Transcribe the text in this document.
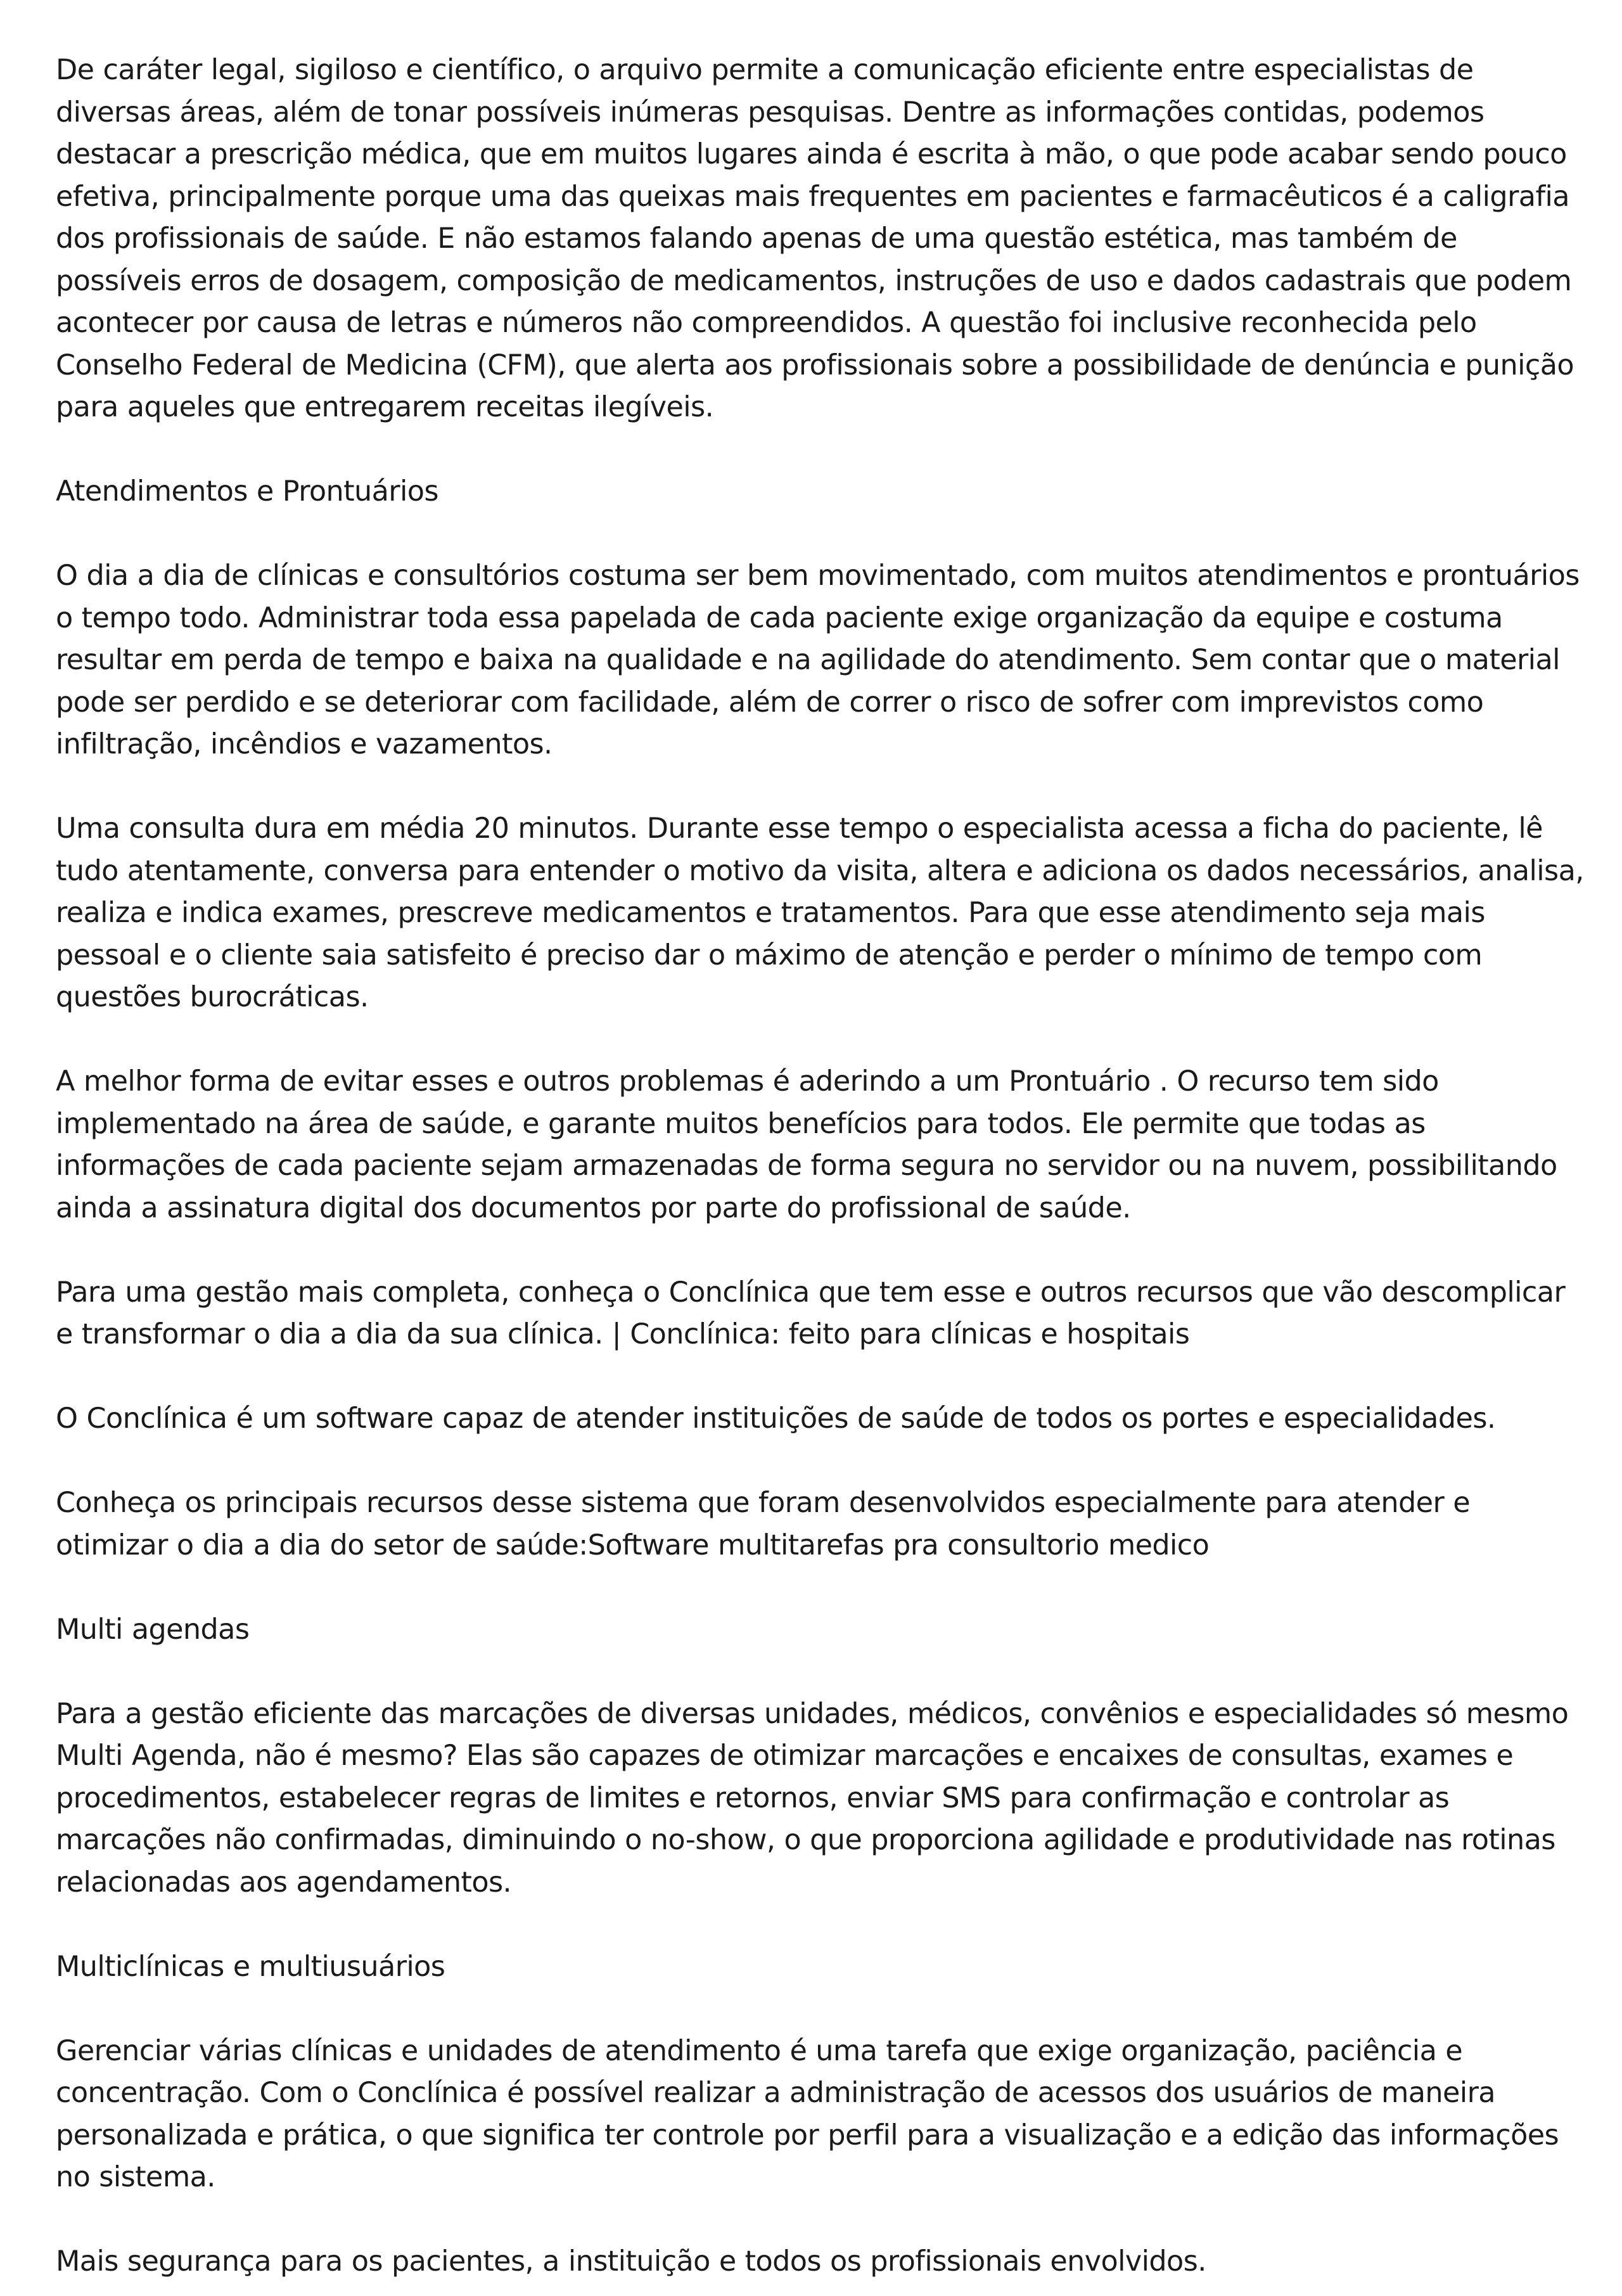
De caráter legal, sigiloso e científico, o arquivo permite a comunicação eficiente entre especialistas de diversas áreas, além de tonar possíveis inúmeras pesquisas. Dentre as informações contidas, podemos destacar a prescrição médica, que em muitos lugares ainda é escrita à mão, o que pode acabar sendo pouco efetiva, principalmente porque uma das queixas mais frequentes em pacientes e farmacêuticos é a caligrafia dos profissionais de saúde. E não estamos falando apenas de uma questão estética, mas também de possíveis erros de dosagem, composição de medicamentos, instruções de uso e dados cadastrais que podem acontecer por causa de letras e números não compreendidos. A questão foi inclusive reconhecida pelo Conselho Federal de Medicina (CFM), que alerta aos profissionais sobre a possibilidade de denúncia e punição para aqueles que entregarem receitas ilegíveis.

Atendimentos e Prontuários

O dia a dia de clínicas e consultórios costuma ser bem movimentado, com muitos atendimentos e prontuários o tempo todo. Administrar toda essa papelada de cada paciente exige organização da equipe e costuma resultar em perda de tempo e baixa na qualidade e na agilidade do atendimento. Sem contar que o material pode ser perdido e se deteriorar com facilidade, além de correr o risco de sofrer com imprevistos como infiltração, incêndios e vazamentos.

Uma consulta dura em média 20 minutos. Durante esse tempo o especialista acessa a ficha do paciente, lê tudo atentamente, conversa para entender o motivo da visita, altera e adiciona os dados necessários, analisa, realiza e indica exames, prescreve medicamentos e tratamentos. Para que esse atendimento seja mais pessoal e o cliente saia satisfeito é preciso dar o máximo de atenção e perder o mínimo de tempo com questões burocráticas.

A melhor forma de evitar esses e outros problemas é aderindo a um Prontuário . O recurso tem sido implementado na área de saúde, e garante muitos benefícios para todos. Ele permite que todas as informações de cada paciente sejam armazenadas de forma segura no servidor ou na nuvem, possibilitando ainda a assinatura digital dos documentos por parte do profissional de saúde.

Para uma gestão mais completa, conheça o Conclínica que tem esse e outros recursos que vão descomplicar e transformar o dia a dia da sua clínica. | Conclínica: feito para clínicas e hospitais

O Conclínica é um software capaz de atender instituições de saúde de todos os portes e especialidades.

Conheça os principais recursos desse sistema que foram desenvolvidos especialmente para atender e otimizar o dia a dia do setor de saúde:Software multitarefas pra consultorio medico

Multi agendas

Para a gestão eficiente das marcações de diversas unidades, médicos, convênios e especialidades só mesmo Multi Agenda, não é mesmo? Elas são capazes de otimizar marcações e encaixes de consultas, exames e procedimentos, estabelecer regras de limites e retornos, enviar SMS para confirmação e controlar as marcações não confirmadas, diminuindo o no-show, o que proporciona agilidade e produtividade nas rotinas relacionadas aos agendamentos.

Multiclínicas e multiusuários

Gerenciar várias clínicas e unidades de atendimento é uma tarefa que exige organização, paciência e concentração. Com o Conclínica é possível realizar a administração de acessos dos usuários de maneira personalizada e prática, o que significa ter controle por perfil para a visualização e a edição das informações no sistema.

Mais segurança para os pacientes, a instituição e todos os profissionais envolvidos.
